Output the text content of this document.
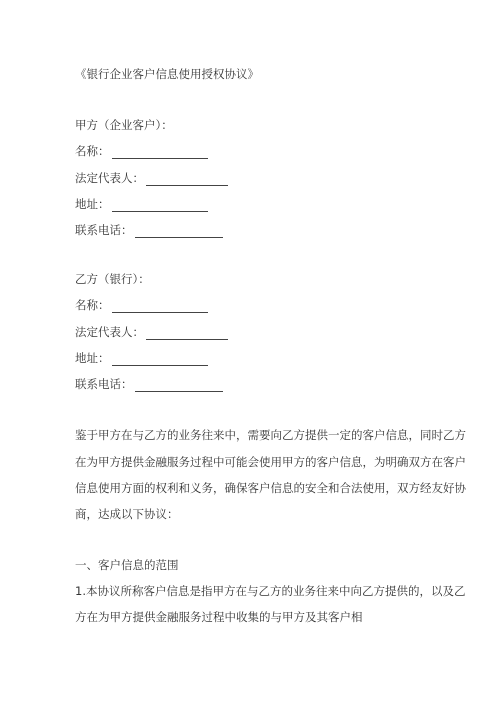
《银行企业客户信息使用授权协议》
甲方（企业客户）：
名称：
法定代表人：
地址：
联系电话：
乙方（银行）：
名称：
法定代表人：
地址：
联系电话：
鉴于甲方在与乙方的业务往来中，需要向乙方提供一定的客户信息，同时乙方
在为甲方提供金融服务过程中可能会使用甲方的客户信息，为明确双方在客户
信息使用方面的权利和义务，确保客户信息的安全和合法使用，双方经友好协
商，达成以下协议：
一、客户信息的范围
1.本协议所称客户信息是指甲方在与乙方的业务往来中向乙方提供的，以及乙
方在为甲方提供金融服务过程中收集的与甲方及其客户相
